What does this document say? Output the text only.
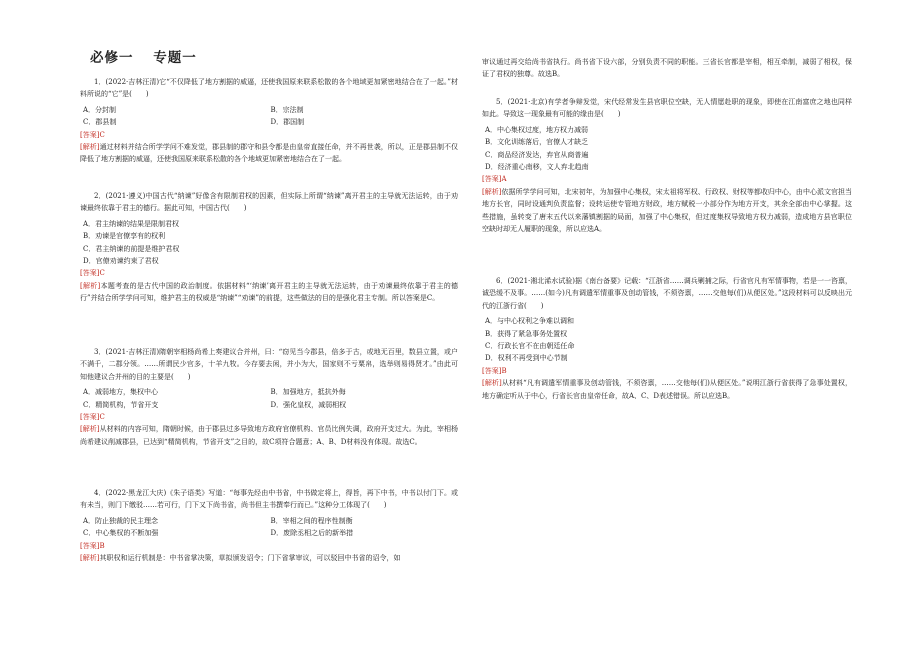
必修一 专题一

1．(2022·吉林汪清)它“不仅降低了地方割据的威逼，还使我国原来联系松散的各个地域更加紧密地结合在了一起。”材料所说的“它”是(　　)

A．分封制	B．宗法制
C．郡县制	D．郡国制

[答案]C

[解析]通过材料并结合所学学问不难发觉，郡县制的郡守和县令都是由皇帝直接任命，并不再世袭，所以，正是郡县制不仅降低了地方割据的威逼，还使我国原来联系松散的各个地域更加紧密地结合在了一起。

2．(2021·遵义)中国古代“纳谏”好像含有限制君权的因素，但实际上所谓“纳谏”离开君主的主导就无法运转，由于劝谏最终依靠于君主的德行。据此可知，中国古代(　　)

A．君主纳谏的结果是限制君权

B．劝谏是官僚享有的权利

C．君主纳谏的前提是维护君权

D．官僚劝谏约束了君权

[答案]C

[解析]本题考查的是古代中国的政治制度。依据材料“‘纳谏’离开君主的主导就无法运转，由于劝谏最终依靠于君主的德行”并结合所学学问可知，维护君主的权威是“纳谏”“劝谏”的前提，这些做法的目的是强化君主专制。所以答案是C。

3．(2021·吉林汪清)隋朝宰相杨尚希上奏建议合并州，曰：“窃见当今郡县，倍多于古，或地无百里，数县立置，或户不满千，二郡分领。……所谓民少官多，十羊九牧。今存要去闲，并小为大，国家则不亏粟帛，选举则易得贤才。”由此可知他建议合并州的目的主要是(　　)

A．减弱地方，集权中心	B．加强地方，抵抗外侮
C．精简机构，节省开支	D．强化皇权，减弱相权

[答案]C

[解析]从材料的内容可知，隋朝时候，由于郡县过多导致地方政府官僚机构、官员比例失调，政府开支过大。为此，宰相杨尚希建议削减郡县，已达到“精简机构，节省开支”之目的，故C项符合题意；A、B、D材料没有体现。故选C。

4．(2022·黑龙江大庆)《朱子语类》写道：“每事先经由中书省，中书做定将上，得旨，再下中书，中书以付门下。或有未当，则门下缴驳……若可行，门下又下尚书省，尚书但主书撰奉行而已。”这种分工体现了(　　)

A．防止独裁的民主理念	B．宰相之间的程序性制衡
C．中心集权的不断加强	D．废除丞相之后的新举措

[答案]B

[解析]其职权和运行机制是：中书省掌决策，草拟颁发诏令；门下省掌审议，可以驳回中书省的诏令，如

审议通过再交给尚书省执行。尚书省下设六部，分别负责不同的职能。三省长官都是宰相，相互牵制，减弱了相权，保证了君权的独尊。故选B。

5．(2021·北京)有学者争辩发觉，宋代经常发生县官职位空缺，无人情愿赴职的现象，即使在江南富庶之地也同样如此。导致这一现象最有可能的缘由是(　　)

A．中心集权过度，地方权力减弱

B．文化训练落后，官僚人才缺乏

C．商品经济发达，弃官从商普遍

D．经济重心南移，文人弃北趋南

[答案]A

[解析]依据所学学问可知，北宋初年，为加强中心集权，宋太祖将军权、行政权、财权等都收归中心，由中心派文官担当地方长官，同时设通判负责监督；设转运使专管地方财政，地方赋税一小部分作为地方开支，其余全部由中心掌握。这些措施，虽转变了唐末五代以来藩镇割据的局面，加强了中心集权，但过度集权导致地方权力减弱，造成地方县官职位空缺时却无人履职的现象，所以应选A。

6．(2021·湘北浠水试验)据《南台备要》记载：“江浙省……调兵剿捕之际，行省官凡有军情事物，若是一一咨禀，诚恐缓不及事。……(如今)凡有调遣军情重事及创动管钱，不须咨禀，……交他每(们)从便区处。”这段材料可以反映出元代的江浙行省(　　)

A．与中心权利之争难以调和

B．获得了紧急事务处置权

C．行政长官不在由朝廷任命

D．权利不再受到中心节制

[答案]B

[解析]从材料“凡有调遣军情重事及创动管钱，不须咨禀，……交他每(们)从便区处。”说明江浙行省获得了急事处置权，地方确定听从于中心，行省长官由皇帝任命，故A、C、D表述错误。所以应选B。
